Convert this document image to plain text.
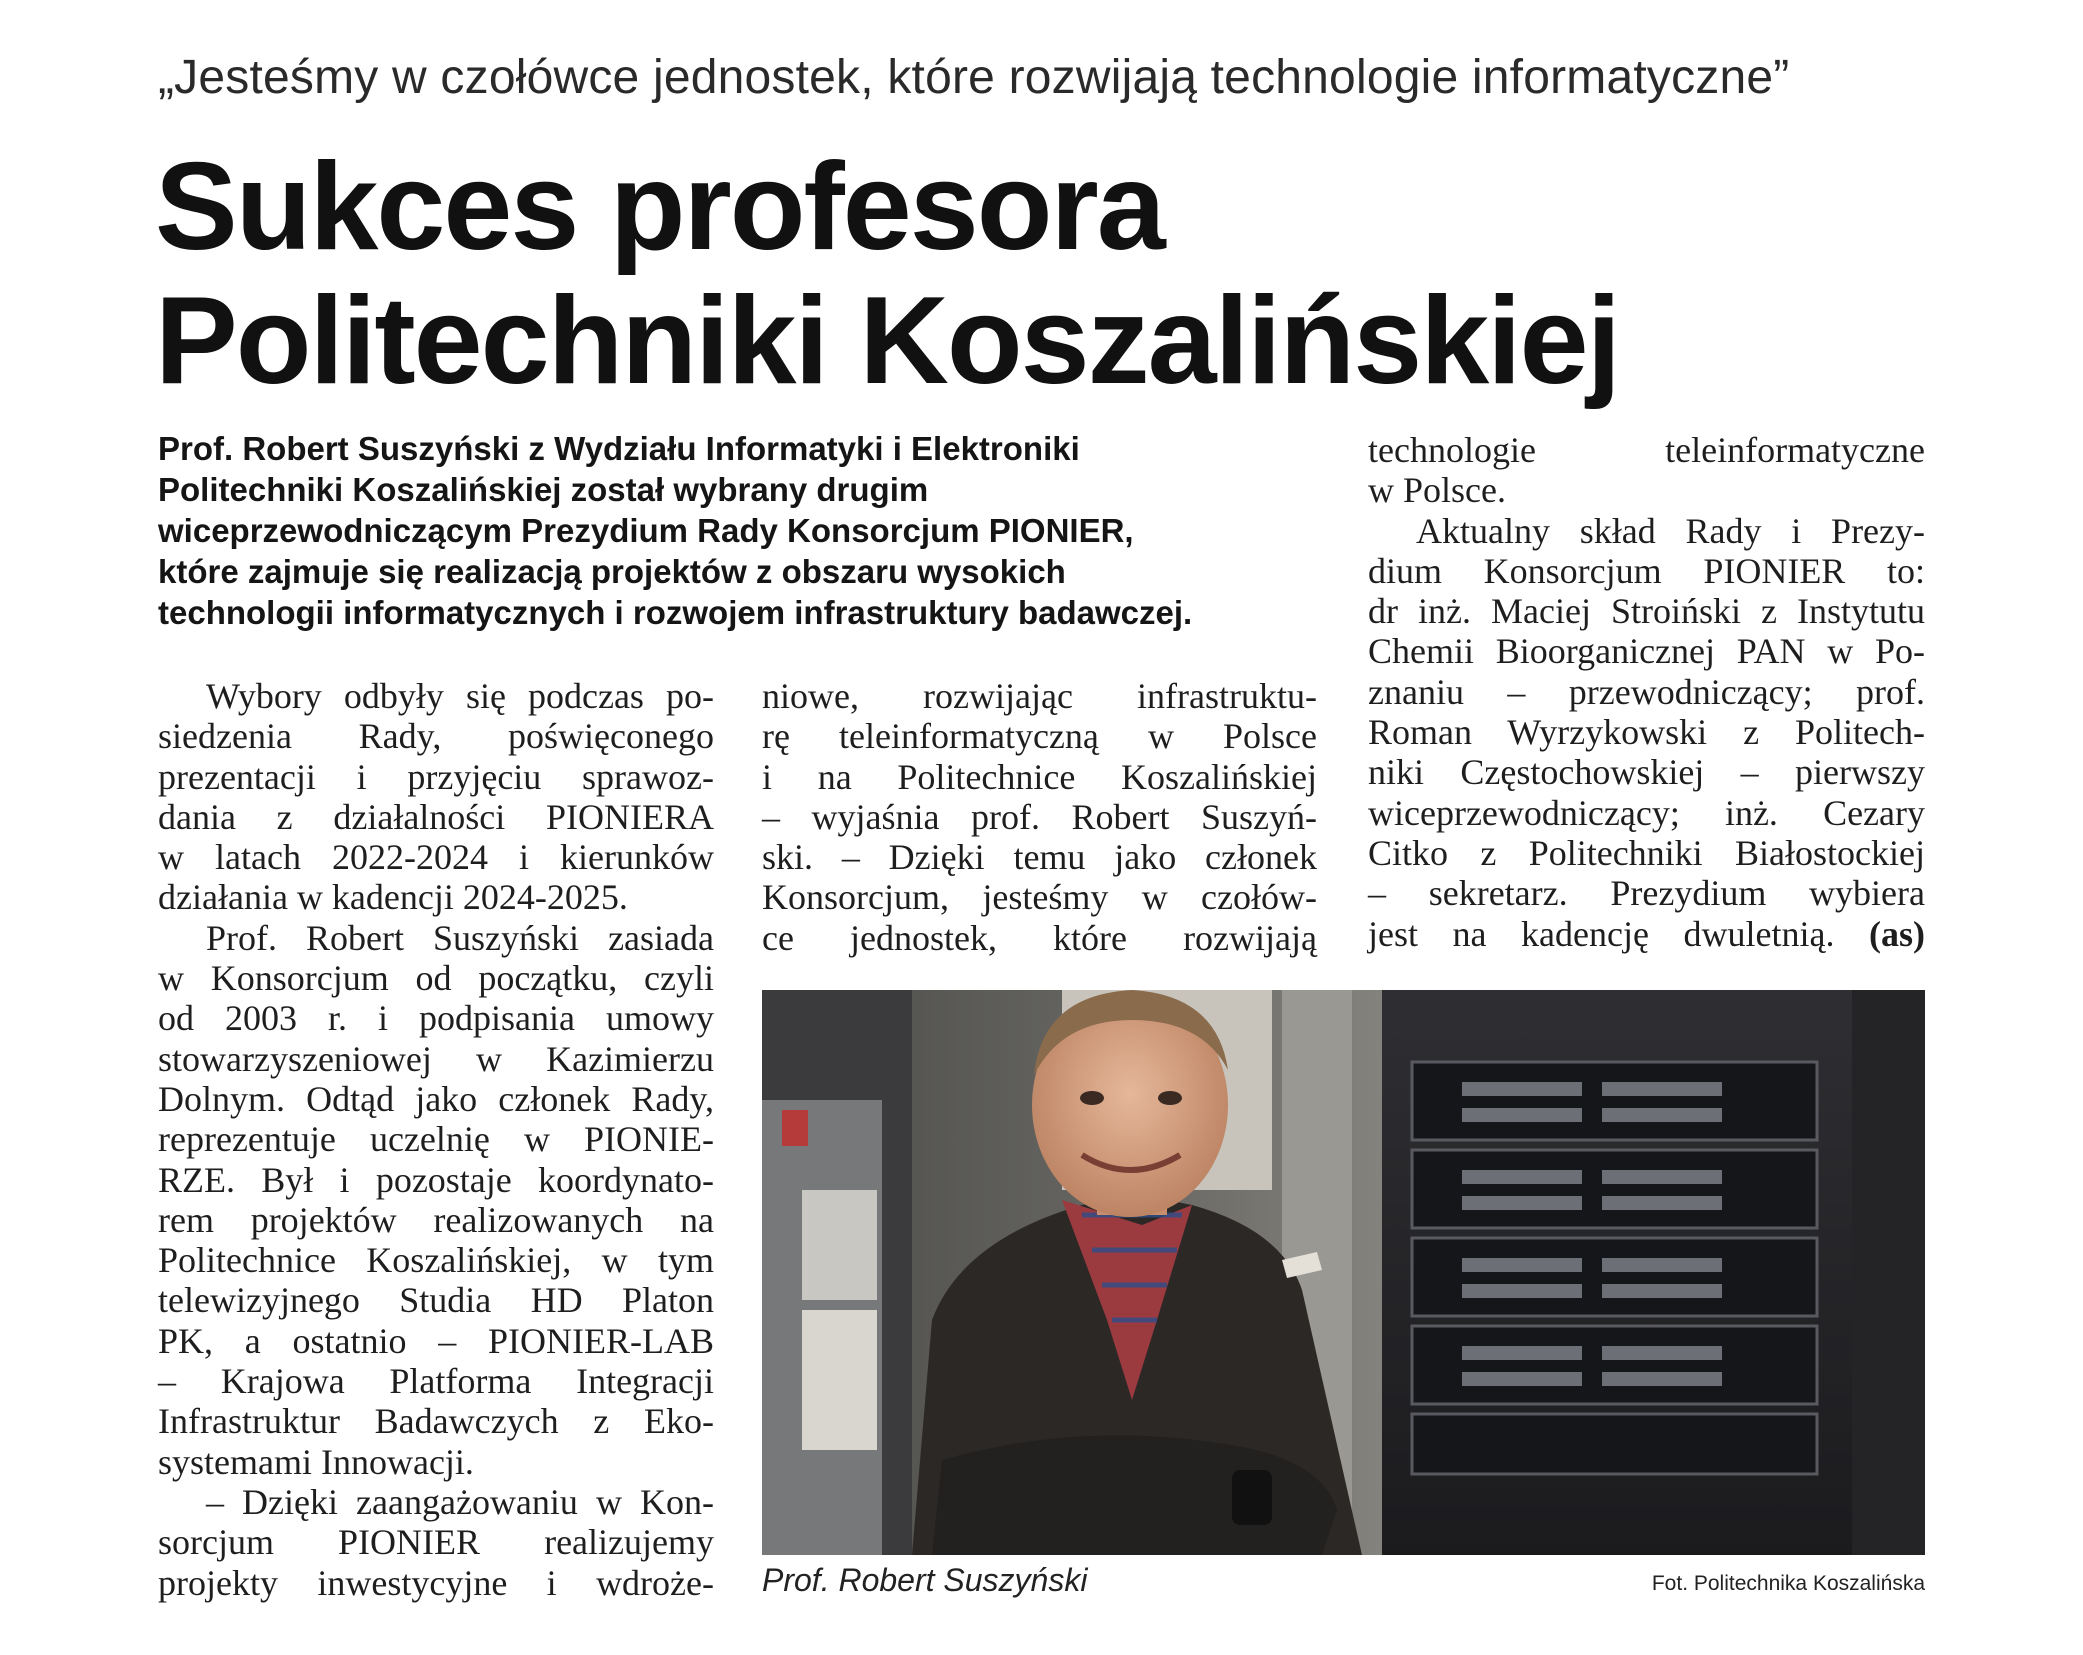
„Jesteśmy w czołówce jednostek, które rozwijają technologie informatyczne”
Sukces profesora
Politechniki Koszalińskiej
Prof. Robert Suszyński z Wydziału Informatyki i Elektroniki
Politechniki Koszalińskiej został wybrany drugim
wiceprzewodniczącym Prezydium Rady Konsorcjum PIONIER,
które zajmuje się realizacją projektów z obszaru wysokich
technologii informatycznych i rozwojem infrastruktury badawczej.
Wybory odbyły się podczas po-
siedzenia Rady, poświęconego
prezentacji i przyjęciu sprawoz-
dania z działalności PIONIERA
w latach 2022-2024 i kierunków
działania w kadencji 2024-2025.
Prof. Robert Suszyński zasiada
w Konsorcjum od początku, czyli
od 2003 r. i podpisania umowy
stowarzyszeniowej w Kazimierzu
Dolnym. Odtąd jako członek Rady,
reprezentuje uczelnię w PIONIE-
RZE. Był i pozostaje koordynato-
rem projektów realizowanych na
Politechnice Koszalińskiej, w tym
telewizyjnego Studia HD Platon
PK, a ostatnio – PIONIER-LAB
– Krajowa Platforma Integracji
Infrastruktur Badawczych z Eko-
systemami Innowacji.
– Dzięki zaangażowaniu w Kon-
sorcjum PIONIER realizujemy
projekty inwestycyjne i wdroże-
niowe, rozwijając infrastruktu-
rę teleinformatyczną w Polsce
i na Politechnice Koszalińskiej
– wyjaśnia prof. Robert Suszyń-
ski. – Dzięki temu jako członek
Konsorcjum, jesteśmy w czołów-
ce jednostek, które rozwijają
technologie teleinformatyczne
w Polsce.
Aktualny skład Rady i Prezy-
dium Konsorcjum PIONIER to:
dr inż. Maciej Stroiński z Instytutu
Chemii Bioorganicznej PAN w Po-
znaniu – przewodniczący; prof.
Roman Wyrzykowski z Politech-
niki Częstochowskiej – pierwszy
wiceprzewodniczący; inż. Cezary
Citko z Politechniki Białostockiej
– sekretarz. Prezydium wybiera
jest na kadencję dwuletnią. (as)
Prof. Robert Suszyński	Fot. Politechnika Koszalińska
